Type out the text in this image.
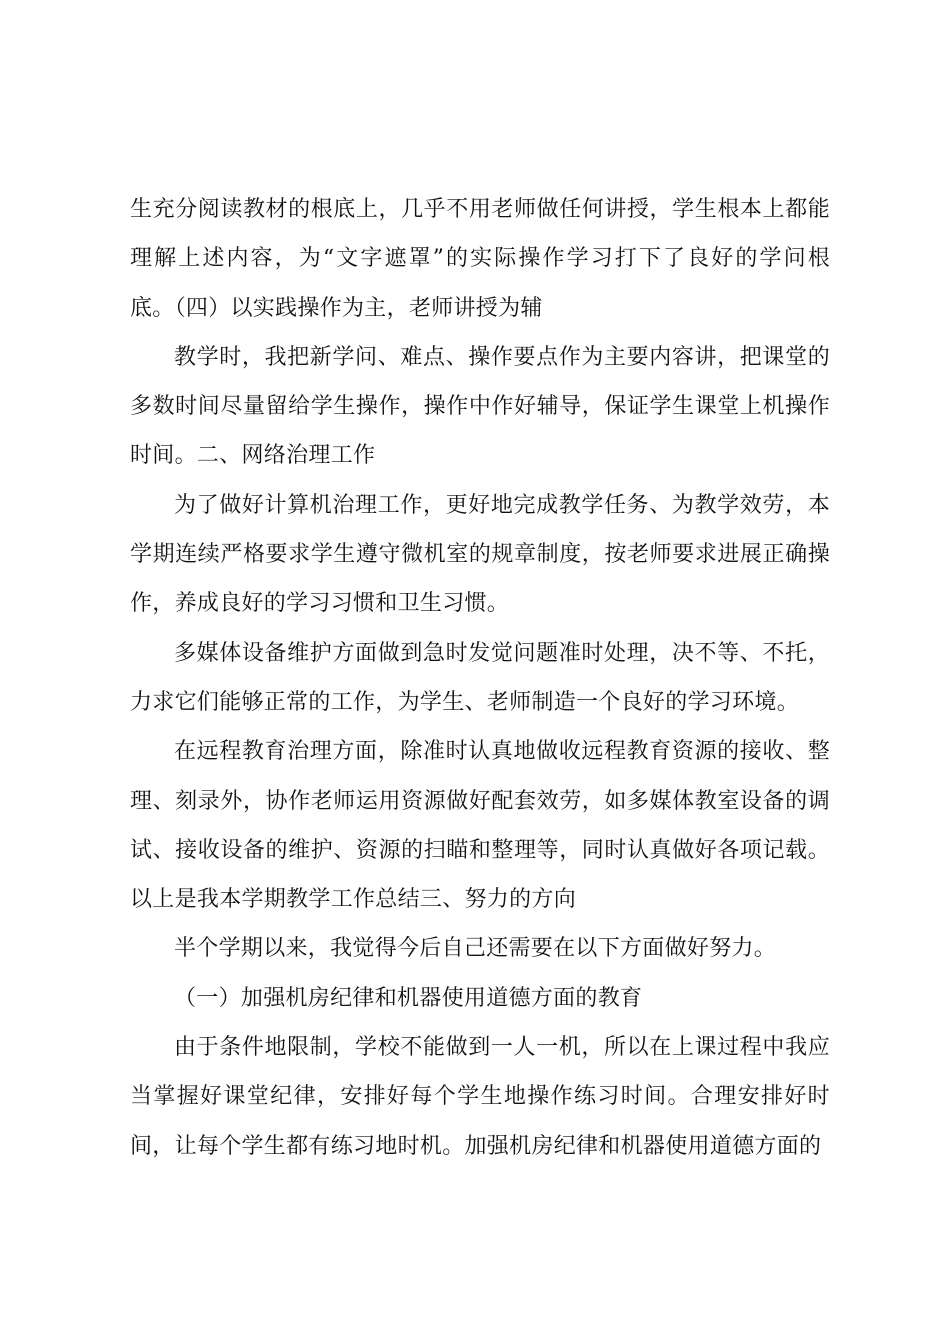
生充分阅读教材的根底上，几乎不用老师做任何讲授，学生根本上都能
理解上述内容，为“文字遮罩”的实际操作学习打下了良好的学问根
底。（四）以实践操作为主，老师讲授为辅

教学时，我把新学问、难点、操作要点作为主要内容讲，把课堂的
多数时间尽量留给学生操作，操作中作好辅导，保证学生课堂上机操作
时间。二、网络治理工作

为了做好计算机治理工作，更好地完成教学任务、为教学效劳，本
学期连续严格要求学生遵守微机室的规章制度，按老师要求进展正确操
作，养成良好的学习习惯和卫生习惯。

多媒体设备维护方面做到急时发觉问题准时处理，决不等、不托，
力求它们能够正常的工作，为学生、老师制造一个良好的学习环境。

在远程教育治理方面，除准时认真地做收远程教育资源的接收、整
理、刻录外，协作老师运用资源做好配套效劳，如多媒体教室设备的调
试、接收设备的维护、资源的扫瞄和整理等，同时认真做好各项记载。
以上是我本学期教学工作总结三、努力的方向

半个学期以来，我觉得今后自己还需要在以下方面做好努力。

（一）加强机房纪律和机器使用道德方面的教育

由于条件地限制，学校不能做到一人一机，所以在上课过程中我应
当掌握好课堂纪律，安排好每个学生地操作练习时间。合理安排好时
间，让每个学生都有练习地时机。加强机房纪律和机器使用道德方面的
